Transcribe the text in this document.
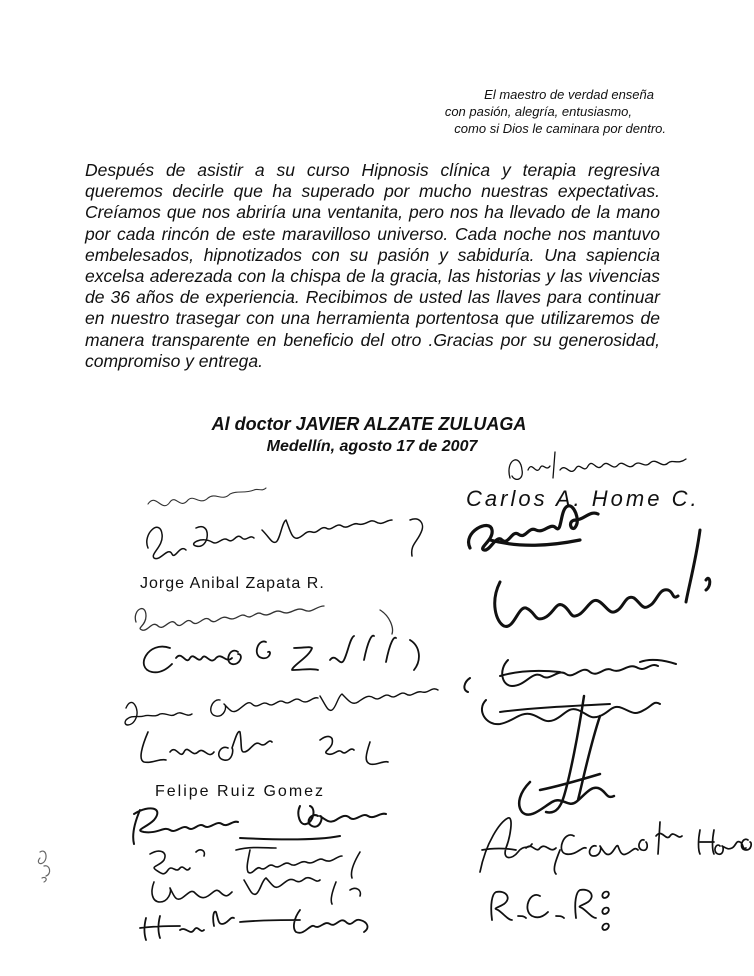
El maestro de verdad enseña
con pasión, alegría, entusiasmo,
como si Dios le caminara por dentro.
Después de asistir a su curso Hipnosis clínica y terapia regresiva queremos decirle que ha superado por mucho nuestras expectativas. Creíamos que nos abriría una ventanita, pero nos ha llevado de la mano por cada rincón de este maravilloso universo. Cada noche nos mantuvo embelesados, hipnotizados con su pasión y sabiduría. Una sapiencia excelsa aderezada con la chispa de la gracia, las historias y las vivencias de 36 años de experiencia. Recibimos de usted las llaves para continuar en nuestro trasegar con una herramienta portentosa que utilizaremos de manera transparente en beneficio del otro .Gracias por su generosidad, compromiso y entrega.
Al doctor JAVIER ALZATE ZULUAGA
Medellín, agosto 17 de 2007
Jorge Anibal Zapata R.
Felipe Ruiz Gomez
Carlos A. Home C.
